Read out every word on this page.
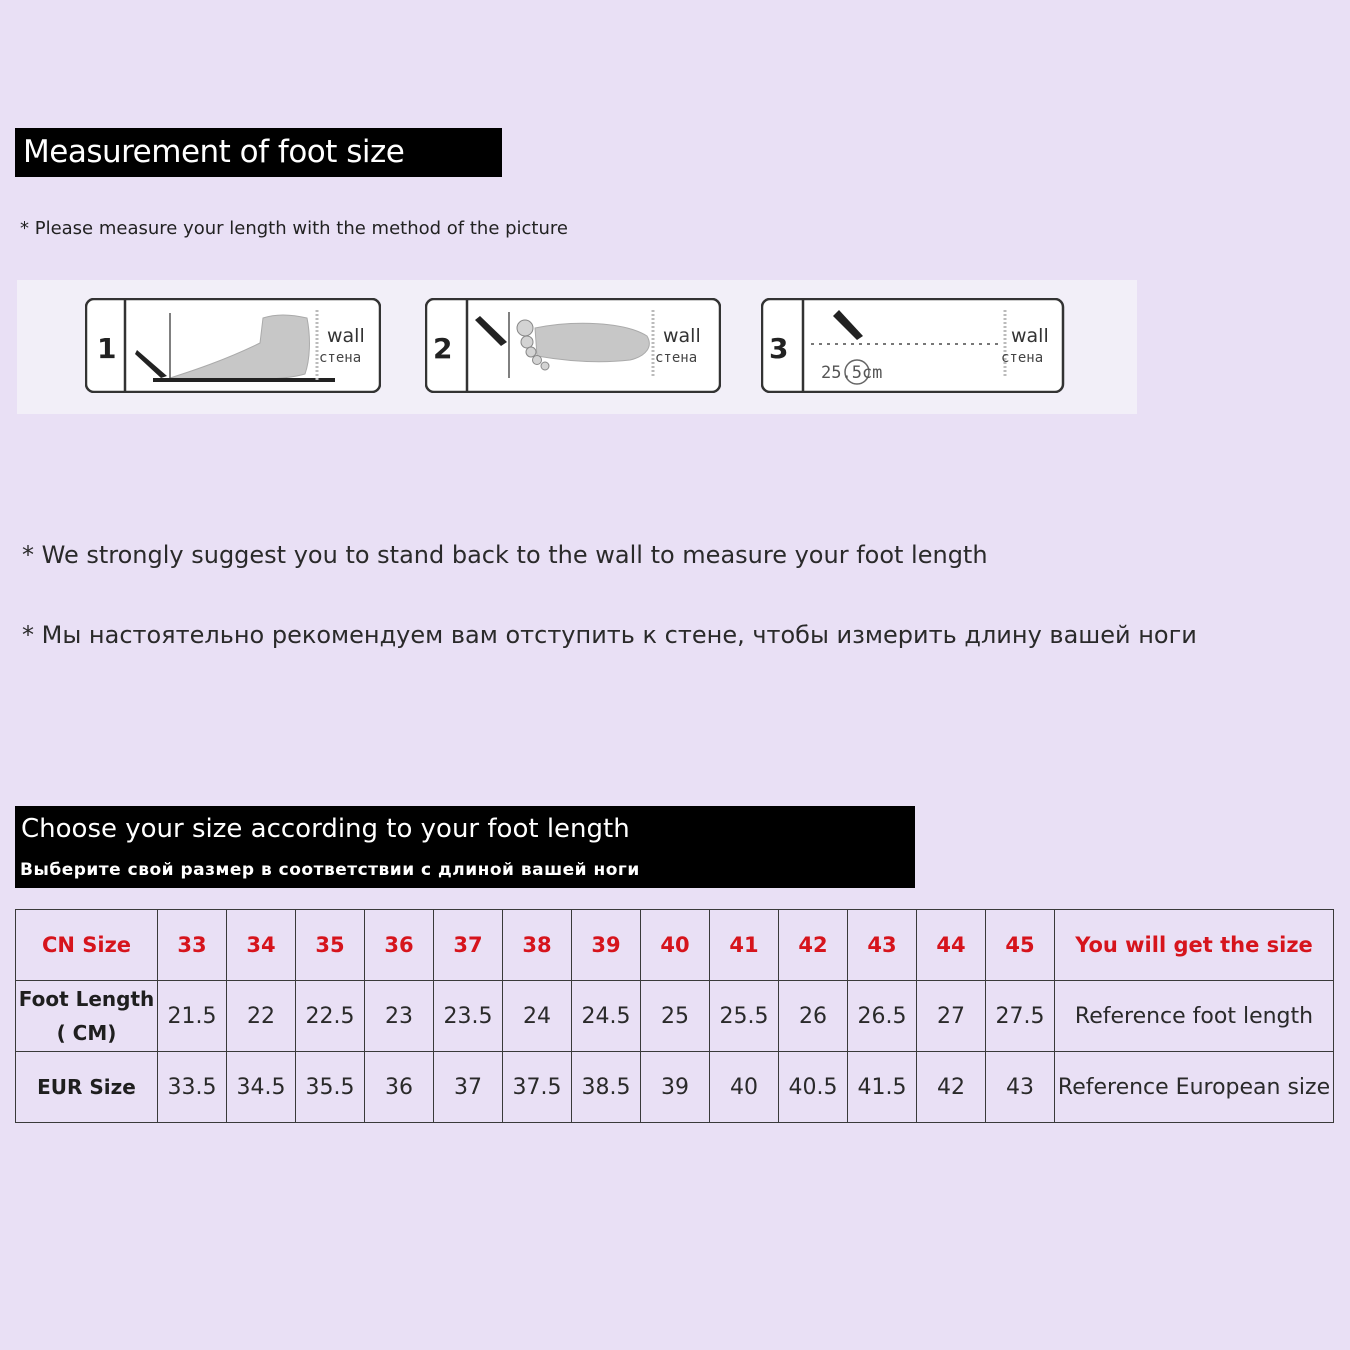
Measurement of foot size
* Please measure your length with the method of the picture
1	wall
стена	2	wall
стена	3
25.5cm
wall
стена
* We strongly suggest you to stand back to the wall to measure your foot length
* Мы настоятельно рекомендуем вам отступить к стене, чтобы измерить длину вашей ноги
Choose your size according to your foot length
Выберите свой размер в соответствии с длиной вашей ноги
CN Size	33	34	35	36	37	38	39	40	41	42	43	44	45	You will get the size

Foot Length
( CM)	21.5	22	22.5	23	23.5	24	24.5	25	25.5	26	26.5	27	27.5	Reference foot length
EUR Size	33.5	34.5	35.5	36	37	37.5	38.5	39	40	40.5	41.5	42	43	Reference European size
